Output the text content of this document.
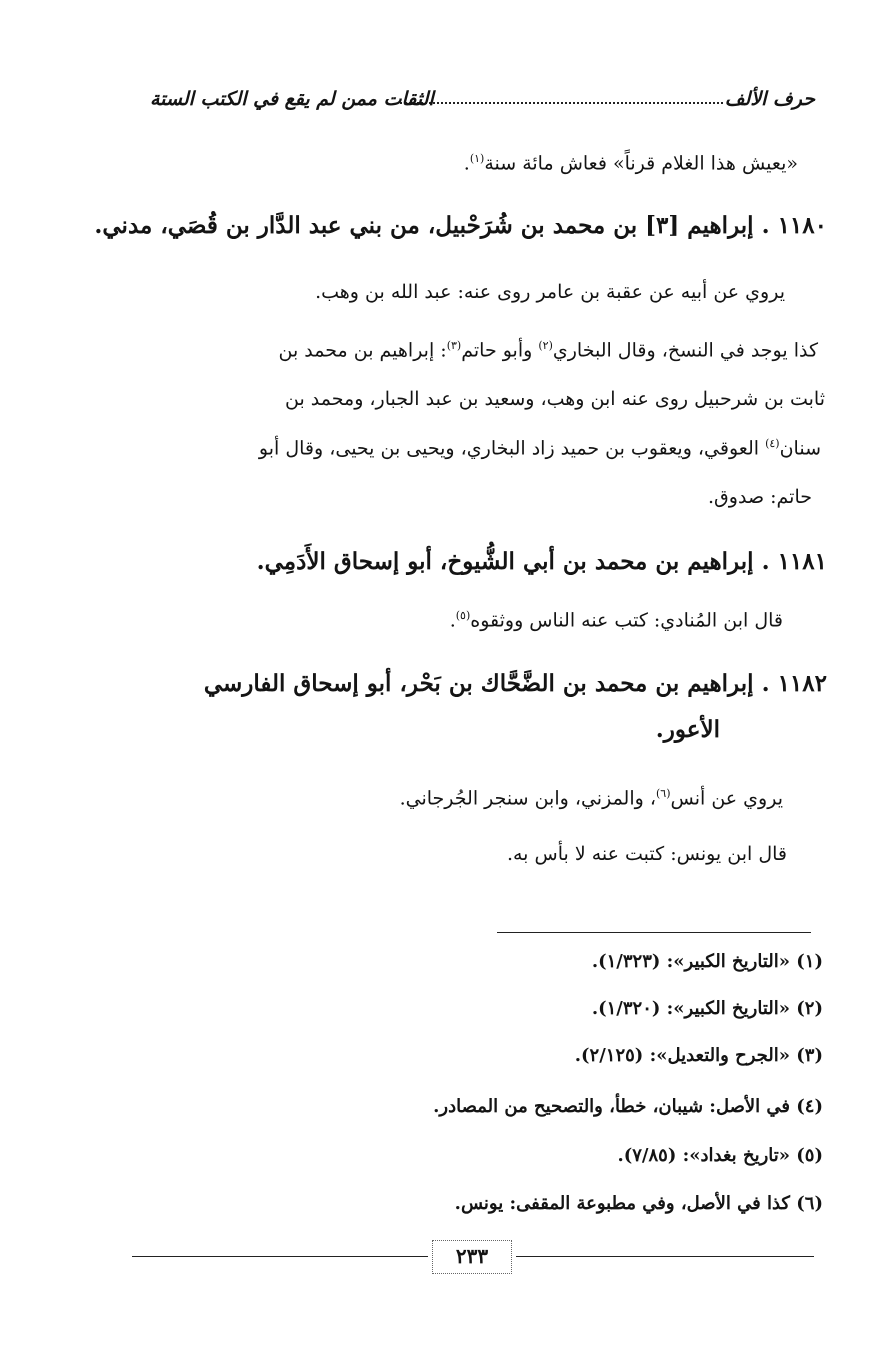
حرف الألف
الثقات ممن لم يقع في الكتب الستة
«يعيش هذا الغلام قرناً» فعاش مائة سنة$^{(١)}$.
١١٨٠ . إبراهيم [٣] بن محمد بن شُرَحْبيل، من بني عبد الدَّار بن قُصَي، مدني.
يروي عن أبيه عن عقبة بن عامر روى عنه: عبد الله بن وهب.
كذا يوجد في النسخ، وقال البخاري$^{(٢)}$ وأبو حاتم$^{(٣)}$: إبراهيم بن محمد بن
ثابت بن شرحبيل روى عنه ابن وهب، وسعيد بن عبد الجبار، ومحمد بن
سنان$^{(٤)}$ العوقي، ويعقوب بن حميد زاد البخاري، ويحيى بن يحيى، وقال أبو
حاتم: صدوق.
١١٨١ . إبراهيم بن محمد بن أبي الشُّيوخ، أبو إسحاق الأَدَمِي.
قال ابن المُنادي: كتب عنه الناس ووثقوه$^{(٥)}$.
١١٨٢ . إبراهيم بن محمد بن الضَّحَّاك بن بَحْر، أبو إسحاق الفارسي
الأعور.
يروي عن أنس$^{(٦)}$، والمزني، وابن سنجر الجُرجاني.
قال ابن يونس: كتبت عنه لا بأس به.
(١) «التاريخ الكبير»: (١/٣٢٣).
(٢) «التاريخ الكبير»: (١/٣٢٠).
(٣) «الجرح والتعديل»: (٢/١٢٥).
(٤) في الأصل: شيبان، خطأ، والتصحيح من المصادر.
(٥) «تاريخ بغداد»: (٧/٨٥).
(٦) كذا في الأصل، وفي مطبوعة المقفى: يونس.
٢٣٣
